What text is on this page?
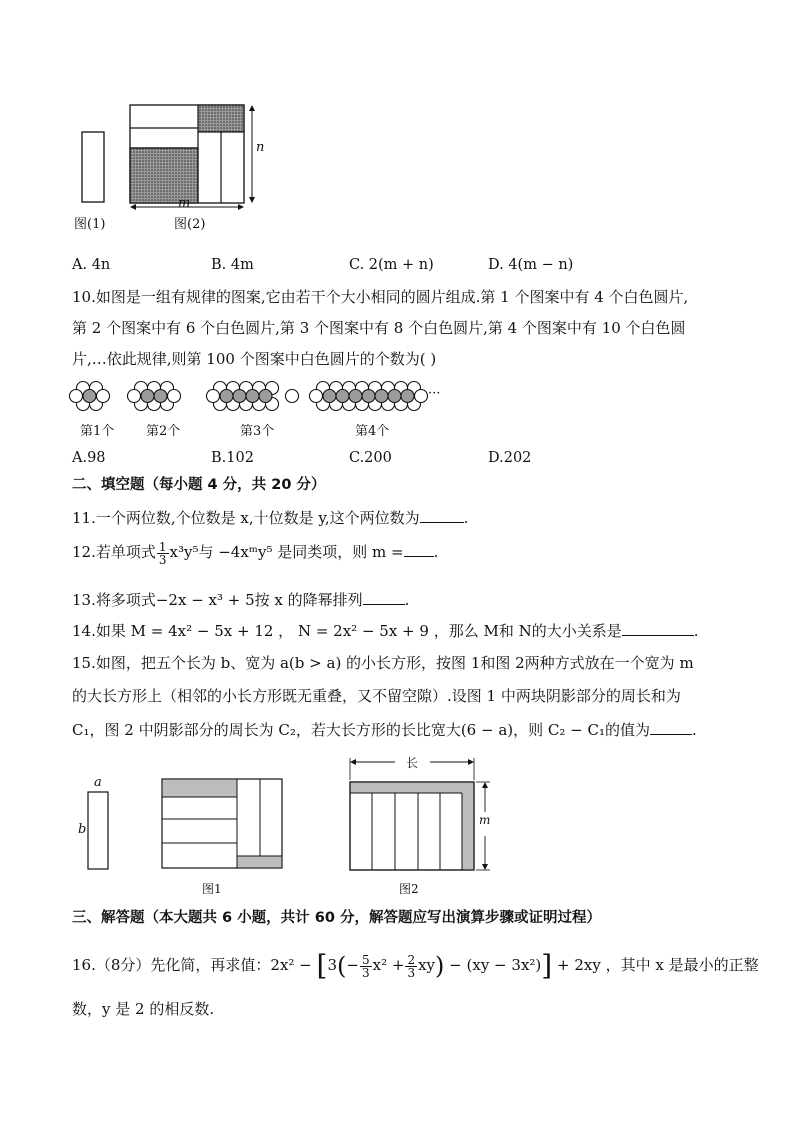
n
m
图(1)	图(2)
A. 4n	B. 4m	C. 2(m + n)	D. 4(m − n)
10.如图是一组有规律的图案,它由若干个大小相同的圆片组成.第 1 个图案中有 4 个白色圆片,
第 2 个图案中有 6 个白色圆片,第 3 个图案中有 8 个白色圆片,第 4 个图案中有 10 个白色圆
片,…依此规律,则第 100 个图案中白色圆片的个数为( )
···
第1个 第2个	第3个	第4个
A.98	B.102	C.200	D.202
二、填空题（每小题 4 分，共 20 分）
11.一个两位数,个位数是 x,十位数是 y,这个两位数为	.
12.若单项式 $\frac{1}{3} x^3y^5$与 −4xᵐy⁵ 是同类项，则 m = .
13.将多项式−2x − x³ + 5按 x 的降幂排列	.
14.如果 M = 4x² − 5x + 12 ， N = 2x² − 5x + 9 ，那么 M和 N的大小关系是	.
15.如图，把五个长为 b、宽为 a(b > a) 的小长方形，按图 1和图 2两种方式放在一个宽为 m
的大长方形上（相邻的小长方形既无重叠，又不留空隙）.设图 1 中两块阴影部分的周长和为
C₁，图 2 中阴影部分的周长为 C₂，若大长方形的长比宽大(6 − a)，则 C₂ − C₁的值为	.
a
b
长
m
图1	图2
三、解答题（本大题共 6 小题，共计 60 分，解答题应写出演算步骤或证明过程）
16.（8分）先化简，再求值：$2x^2 - [3(- \frac{5}{3} x^2 + \frac{2}{3} xy) - (xy - 3x^2)] + 2xy$ ，其中 x 是最小的正整
数，y 是 2 的相反数.
